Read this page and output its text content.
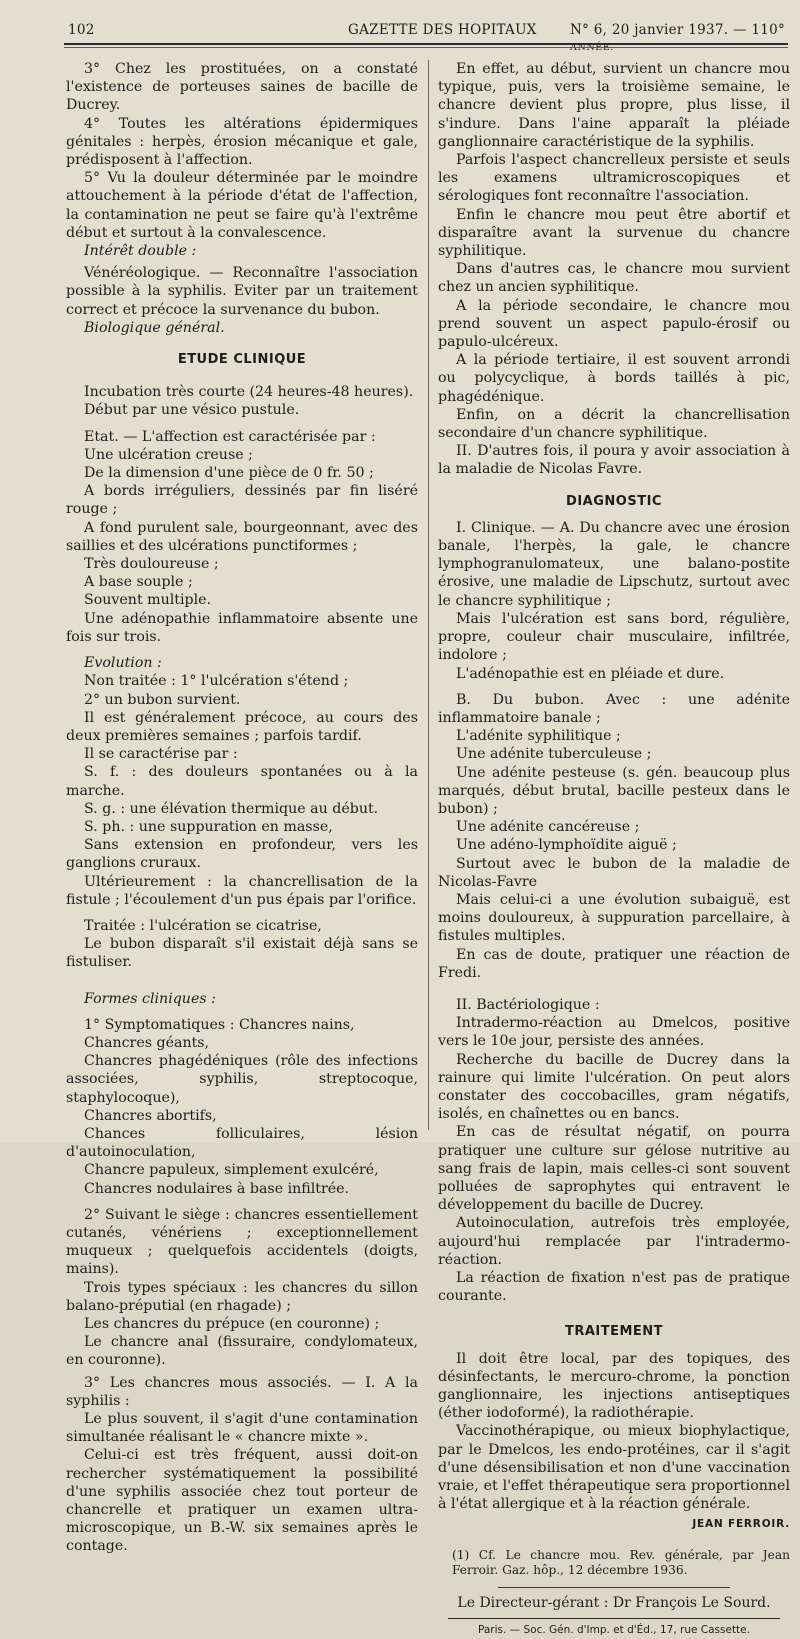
102	GAZETTE DES HOPITAUX N° 6, 20 janvier 1937. — 110°

3° Chez les prostituées, on a constaté l'existence de porteuses saines de bacille de Ducrey.

4° Toutes les altérations épidermiques génitales : herpès, érosion mécanique et gale, prédisposent à l'affection.

5° Vu la douleur déterminée par le moindre attouchement à la période d'état de l'affection, la contamination ne peut se faire qu'à l'extrême début et surtout à la convalescence.

Intérêt double :

Vénéréologique. — Reconnaître l'association possible à la syphilis. Eviter par un traitement correct et précoce la survenance du bubon.

Biologique général.

ETUDE CLINIQUE

Incubation très courte (24 heures-48 heures).

Début par une vésico pustule.

Etat. — L'affection est caractérisée par :

Une ulcération creuse ;

De la dimension d'une pièce de 0 fr. 50 ;

A bords irréguliers, dessinés par fin liséré rouge ;

A fond purulent sale, bourgeonnant, avec des saillies et des ulcérations punctiformes ;

Très douloureuse ;

A base souple ;

Souvent multiple.

Une adénopathie inflammatoire absente une fois sur trois.

Evolution :

Non traitée : 1° l'ulcération s'étend ;

2° un bubon survient.

Il est généralement précoce, au cours des deux premières semaines ; parfois tardif.

Il se caractérise par :

S. f. : des douleurs spontanées ou à la marche.

S. g. : une élévation thermique au début.

S. ph. : une suppuration en masse,

Sans extension en profondeur, vers les ganglions cruraux.

Ultérieurement : la chancrellisation de la fistule ; l'écoulement d'un pus épais par l'orifice.

Traitée : l'ulcération se cicatrise,

Le bubon disparaît s'il existait déjà sans se fistuliser.

Formes cliniques :

1° Symptomatiques : Chancres nains,

Chancres géants,

Chancres phagédéniques (rôle des infections associées, syphilis, streptocoque, staphylocoque),

Chancres abortifs,

Chances folliculaires, lésion d'autoinoculation,

Chancre papuleux, simplement exulcéré,

Chancres nodulaires à base infiltrée.

2° Suivant le siège : chancres essentiellement cutanés, vénériens ; exceptionnellement muqueux ; quelquefois accidentels (doigts, mains).

Trois types spéciaux : les chancres du sillon balano-préputial (en rhagade) ;

Les chancres du prépuce (en couronne) ;

Le chancre anal (fissuraire, condylomateux, en couronne).

3° Les chancres mous associés. — I. A la syphilis :

Le plus souvent, il s'agit d'une contamination simultanée réalisant le « chancre mixte ».

Celui-ci est très fréquent, aussi doit-on rechercher systématiquement la possibilité d'une syphilis associée chez tout porteur de chancrelle et pratiquer un examen ultra-microscopique, un B.-W. six semaines après le contage.

En effet, au début, survient un chancre mou typique, puis, vers la troisième semaine, le chancre devient plus propre, plus lisse, il s'indure. Dans l'aine apparaît la pléiade ganglionnaire caractéristique de la syphilis.

Parfois l'aspect chancrelleux persiste et seuls les examens ultramicroscopiques et sérologiques font reconnaître l'association.

Enfin le chancre mou peut être abortif et disparaître avant la survenue du chancre syphilitique.

Dans d'autres cas, le chancre mou survient chez un ancien syphilitique.

A la période secondaire, le chancre mou prend souvent un aspect papulo-érosif ou papulo-ulcéreux.

A la période tertiaire, il est souvent arrondi ou polycyclique, à bords taillés à pic, phagédénique.

Enfin, on a décrit la chancrellisation secondaire d'un chancre syphilitique.

II. D'autres fois, il poura y avoir association à la maladie de Nicolas Favre.

DIAGNOSTIC

I. Clinique. — A. Du chancre avec une érosion banale, l'herpès, la gale, le chancre lymphogranulomateux, une balano-postite érosive, une maladie de Lipschutz, surtout avec le chancre syphilitique ;

Mais l'ulcération est sans bord, régulière, propre, couleur chair musculaire, infiltrée, indolore ;

L'adénopathie est en pléiade et dure.

B. Du bubon. Avec : une adénite inflammatoire banale ;

L'adénite syphilitique ;

Une adénite tuberculeuse ;

Une adénite pesteuse (s. gén. beaucoup plus marqués, début brutal, bacille pesteux dans le bubon) ;

Une adénite cancéreuse ;

Une adéno-lymphoïdite aiguë ;

Surtout avec le bubon de la maladie de Nicolas-Favre

Mais celui-ci a une évolution subaiguë, est moins douloureux, à suppuration parcellaire, à fistules multiples.

En cas de doute, pratiquer une réaction de Fredi.

II. Bactériologique :

Intradermo-réaction au Dmelcos, positive vers le 10e jour, persiste des années.

Recherche du bacille de Ducrey dans la rainure qui limite l'ulcération. On peut alors constater des coccobacilles, gram négatifs, isolés, en chaînettes ou en bancs.

En cas de résultat négatif, on pourra pratiquer une culture sur gélose nutritive au sang frais de lapin, mais celles-ci sont souvent polluées de saprophytes qui entravent le développement du bacille de Ducrey.

Autoinoculation, autrefois très employée, aujourd'hui remplacée par l'intradermo-réaction.

La réaction de fixation n'est pas de pratique courante.

TRAITEMENT

Il doit être local, par des topiques, des désinfectants, le mercuro-chrome, la ponction ganglionnaire, les injections antiseptiques (éther iodoformé), la radiothérapie.

Vaccinothérapique, ou mieux biophylactique, par le Dmelcos, les endo-protéines, car il s'agit d'une désensibilisation et non d'une vaccination vraie, et l'effet thérapeutique sera proportionnel à l'état allergique et à la réaction générale.

JEAN FERROIR.

(1) Cf. Le chancre mou. Rev. générale, par Jean Ferroir. Gaz. hôp., 12 décembre 1936.

Le Directeur-gérant : Dr François Le Sourd.
Paris. — Soc. Gén. d'Imp. et d'Éd., 17, rue Cassette.
